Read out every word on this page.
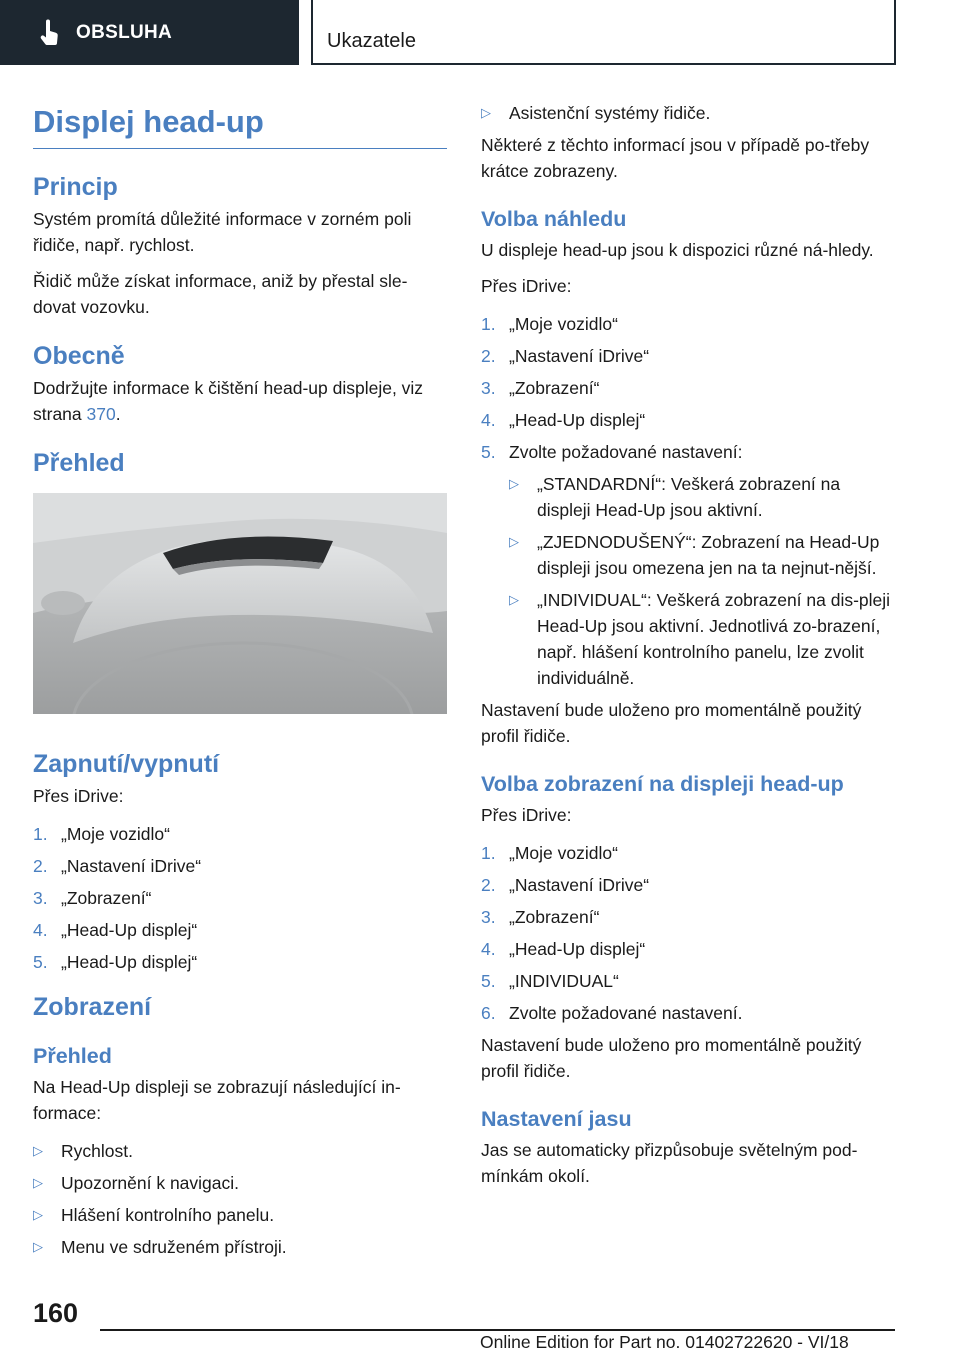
OBSLUHA	Ukazatele
Displej head-up
Princip

Systém promítá důležité informace v zorném poli řidiče, např. rychlost.

Řidič může získat informace, aniž by přestal sle‐dovat vozovku.

Obecně

Dodržujte informace k čištění head-up displeje, viz strana 370.

Přehled
Zapnutí/vypnutí

Přes iDrive:

1. „Moje vozidlo“
2. „Nastavení iDrive“
3. „Zobrazení“
4. „Head-Up displej“
5. „Head-Up displej“
Zobrazení
Přehled

Na Head-Up displeji se zobrazují následující in‐formace:

▷	Rychlost.
▷	Upozornění k navigaci.
▷	Hlášení kontrolního panelu.
▷	Menu ve sdruženém přístroji.
▷	Asistenční systémy řidiče.

Některé z těchto informací jsou v případě po‐třeby krátce zobrazeny.

Volba náhledu

U displeje head-up jsou k dispozici různé ná‐hledy.

Přes iDrive:

1. „Moje vozidlo“
2. „Nastavení iDrive“
3. „Zobrazení“
4. „Head-Up displej“
5. Zvolte požadované nastavení:
▷	„STANDARDNÍ“: Veškerá zobrazení na displeji Head-Up jsou aktivní.
▷	„ZJEDNODUŠENÝ“: Zobrazení na Head-Up displeji jsou omezena jen na ta nejnut‐nější.
▷	„INDIVIDUAL“: Veškerá zobrazení na dis‐pleji Head-Up jsou aktivní. Jednotlivá zo‐brazení, např. hlášení kontrolního panelu, lze zvolit individuálně.

Nastavení bude uloženo pro momentálně použitý profil řidiče.

Volba zobrazení na displeji head-up

Přes iDrive:

1. „Moje vozidlo“
2. „Nastavení iDrive“
3. „Zobrazení“
4. „Head-Up displej“
5. „INDIVIDUAL“
6. Zvolte požadované nastavení.

Nastavení bude uloženo pro momentálně použitý profil řidiče.

Nastavení jasu

Jas se automaticky přizpůsobuje světelným pod‐mínkám okolí.

160
Online Edition for Part no. 01402722620 - VI/18
